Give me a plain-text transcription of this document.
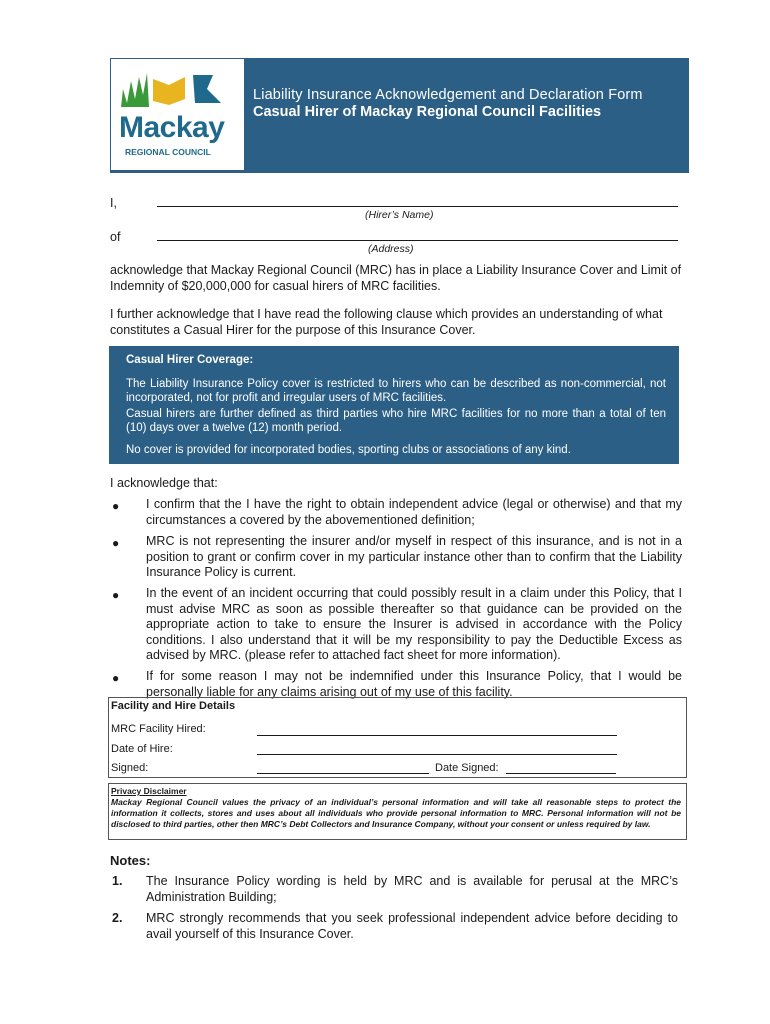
Mackay
REGIONAL COUNCIL
Liability Insurance Acknowledgement and Declaration Form
Casual Hirer of Mackay Regional Council Facilities
I,
(Hirer’s Name)
of
(Address)
acknowledge that Mackay Regional Council (MRC) has in place a Liability Insurance Cover and Limit of Indemnity of $20,000,000 for casual hirers of MRC facilities.
I further acknowledge that I have read the following clause which provides an understanding of what constitutes a Casual Hirer for the purpose of this Insurance Cover.
Casual Hirer Coverage:
The Liability Insurance Policy cover is restricted to hirers who can be described as non-commercial, not incorporated, not for profit and irregular users of MRC facilities.
Casual hirers are further defined as third parties who hire MRC facilities for no more than a total of ten (10) days over a twelve (12) month period.
No cover is provided for incorporated bodies, sporting clubs or associations of any kind.
I acknowledge that:
● I confirm that the I have the right to obtain independent advice (legal or otherwise) and that my circumstances a covered by the abovementioned definition;
● MRC is not representing the insurer and/or myself in respect of this insurance, and is not in a position to grant or confirm cover in my particular instance other than to confirm that the Liability Insurance Policy is current.
● In the event of an incident occurring that could possibly result in a claim under this Policy, that I must advise MRC as soon as possible thereafter so that guidance can be provided on the appropriate action to take to ensure the Insurer is advised in accordance with the Policy conditions. I also understand that it will be my responsibility to pay the Deductible Excess as advised by MRC. (please refer to attached fact sheet for more information).
● If for some reason I may not be indemnified under this Insurance Policy, that I would be personally liable for any claims arising out of my use of this facility.
Facility and Hire Details
MRC Facility Hired:
Date of Hire:
Signed:	Date Signed:
Privacy Disclaimer
Mackay Regional Council values the privacy of an individual’s personal information and will take all reasonable steps to protect the information it collects, stores and uses about all individuals who provide personal information to MRC. Personal information will not be disclosed to third parties, other then MRC’s Debt Collectors and Insurance Company, without your consent or unless required by law.
Notes:
1. The Insurance Policy wording is held by MRC and is available for perusal at the MRC’s Administration Building;
2. MRC strongly recommends that you seek professional independent advice before deciding to avail yourself of this Insurance Cover.
